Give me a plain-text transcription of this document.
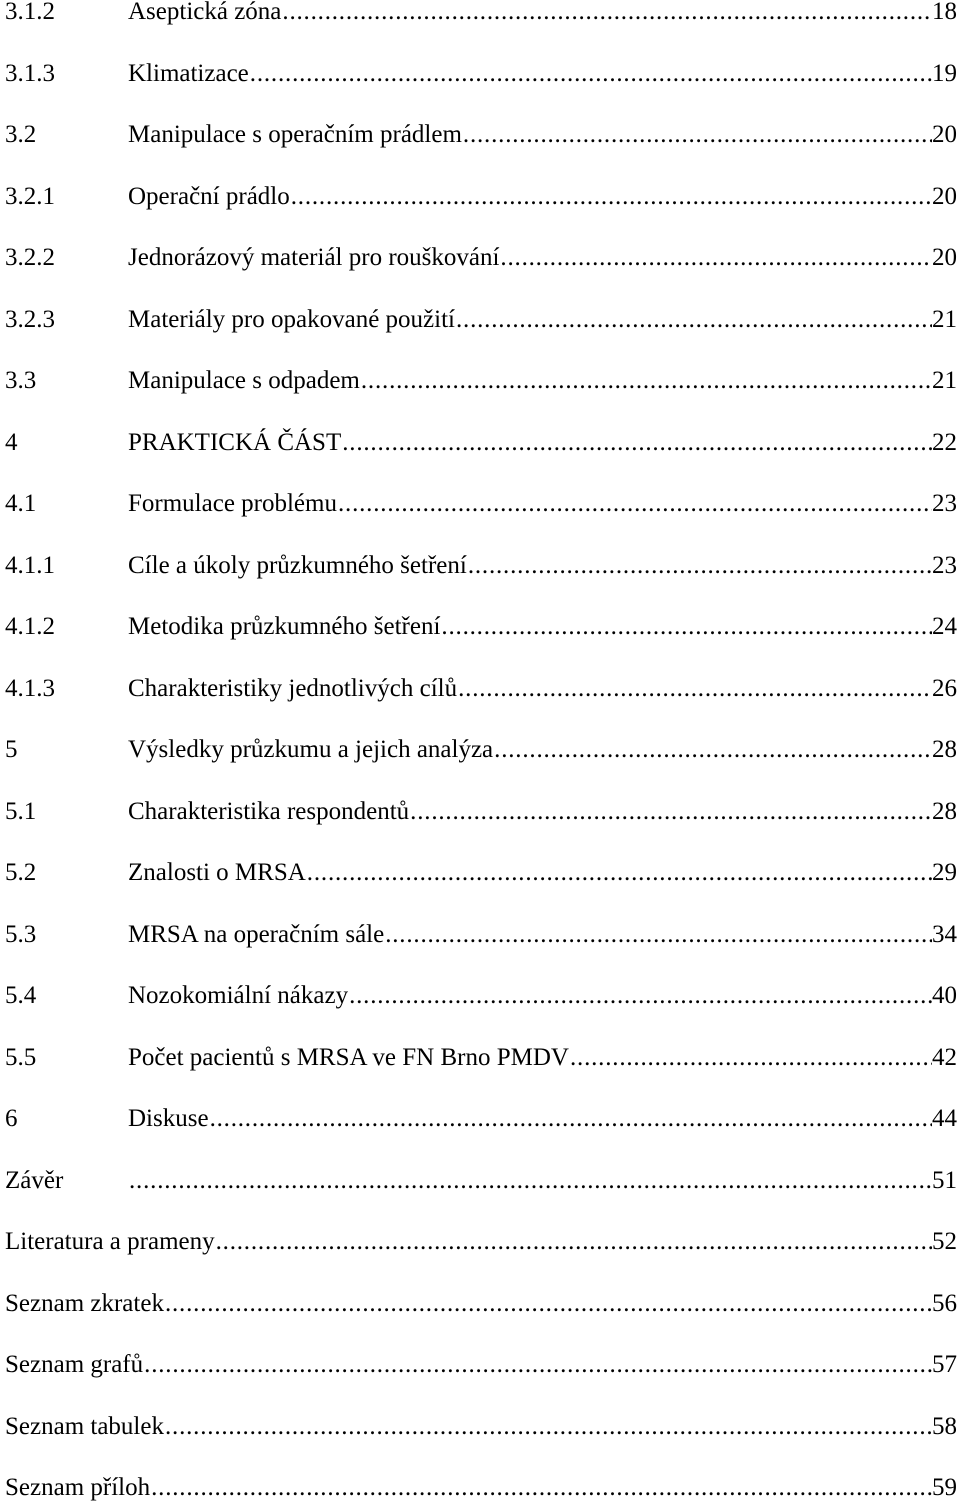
3.1.2	Aseptická zóna .....	18
3.1.3	Klimatizace .....	19
3.2	Manipulace s operačním prádlem .....	20
3.2.1	Operační prádlo .....	20
3.2.2	Jednorázový materiál pro rouškování .....	20
3.2.3	Materiály pro opakované použití .....	21
3.3	Manipulace s odpadem .....	21
4	PRAKTICKÁ ČÁST .....	22
4.1	Formulace problému .....	23
4.1.1	Cíle a úkoly průzkumného šetření .....	23
4.1.2	Metodika průzkumného šetření .....	24
4.1.3	Charakteristiky jednotlivých cílů .....	26
5	Výsledky průzkumu a jejich analýza .....	28
5.1	Charakteristika respondentů .....	28
5.2	Znalosti o MRSA .....	29
5.3	MRSA na operačním sále .....	34
5.4	Nozokomiální nákazy .....	40
5.5	Počet pacientů s MRSA ve FN Brno PMDV .....	42
6	Diskuse .....	44
Závěr .....	51
Literatura a prameny .....	52
Seznam zkratek .....	56
Seznam grafů .....	57
Seznam tabulek .....	58
Seznam příloh .....	59
